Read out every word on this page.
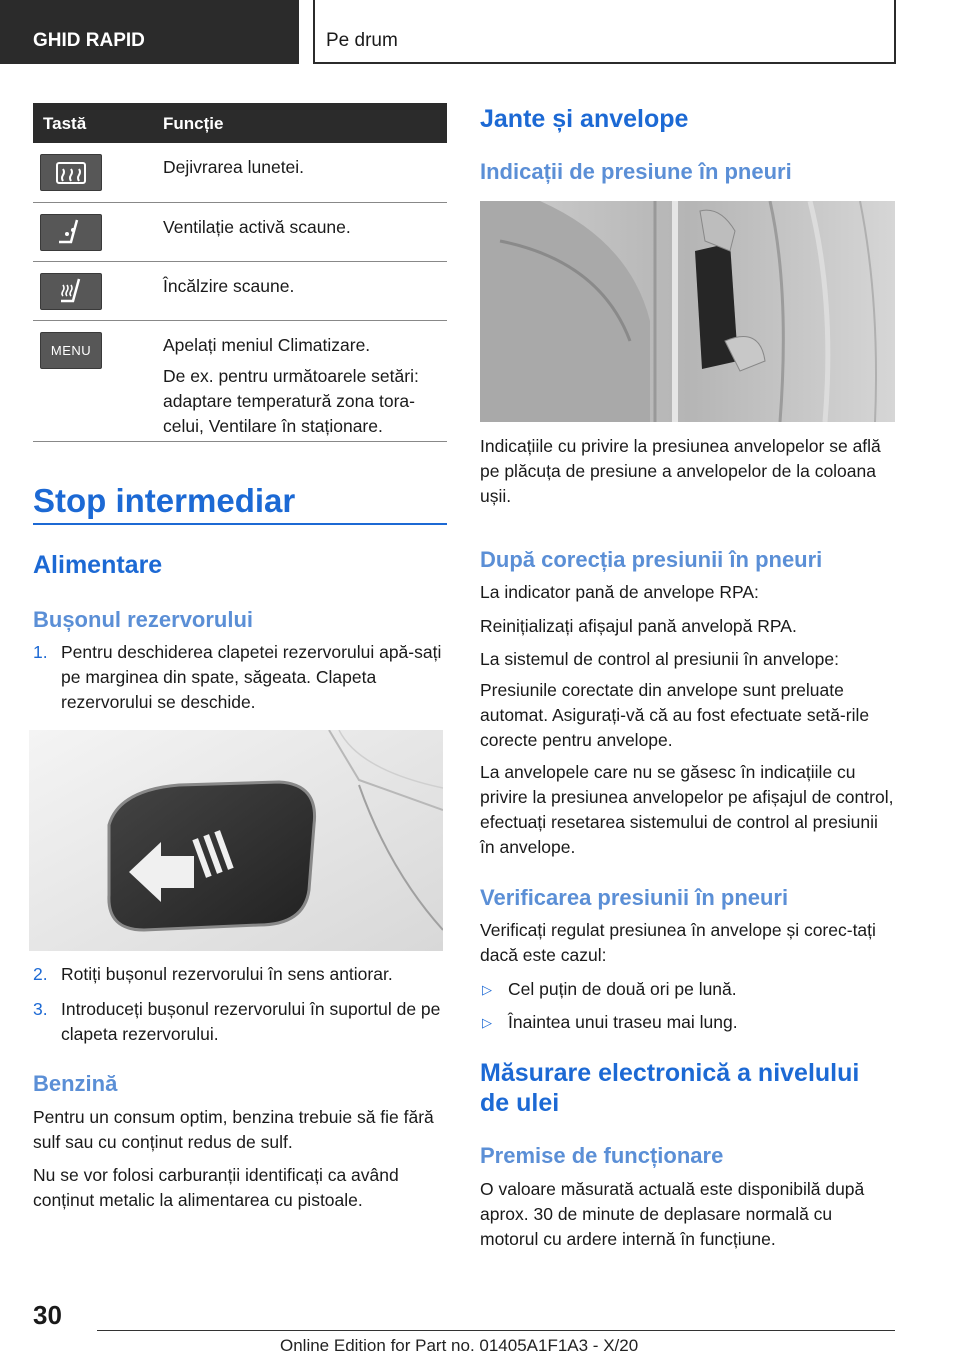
GHID RAPID	Pe drum
Tastă	Funcție
Dejivrarea lunetei.
Ventilație activă scaune.
Încălzire scaune.
MENU	Apelați meniul Climatizare.

De ex. pentru următoarele setări: adaptare temperatură zona tora-celui, Ventilare în staționare.

Stop intermediar
Alimentare
Bușonul rezervorului
1. Pentru deschiderea clapetei rezervorului apă-sați pe marginea din spate, săgeata. Clapeta rezervorului se deschide.
2. Rotiți bușonul rezervorului în sens antiorar.
3. Introduceți bușonul rezervorului în suportul de pe clapeta rezervorului.
Benzină
Pentru un consum optim, benzina trebuie să fie fără sulf sau cu conținut redus de sulf.
Nu se vor folosi carburanții identificați ca având conținut metalic la alimentarea cu pistoale.
Jante și anvelope
Indicații de presiune în pneuri
Indicațiile cu privire la presiunea anvelopelor se află pe plăcuța de presiune a anvelopelor de la coloana ușii.
După corecția presiunii în pneuri
La indicator pană de anvelope RPA:
Reinițializați afișajul pană anvelopă RPA.
La sistemul de control al presiunii în anvelope:
Presiunile corectate din anvelope sunt preluate automat. Asigurați-vă că au fost efectuate setă-rile corecte pentru anvelope.
La anvelopele care nu se găsesc în indicațiile cu privire la presiunea anvelopelor pe afișajul de control, efectuați resetarea sistemului de control al presiunii în anvelope.
Verificarea presiunii în pneuri
Verificați regulat presiunea în anvelope și corec-tați dacă este cazul:
▷ Cel puțin de două ori pe lună.
▷ Înaintea unui traseu mai lung.
Măsurare electronică a nivelului de ulei
Premise de funcționare
O valoare măsurată actuală este disponibilă după aprox. 30 de minute de deplasare normală cu motorul cu ardere internă în funcțiune.
30
Online Edition for Part no. 01405A1F1A3 - X/20
